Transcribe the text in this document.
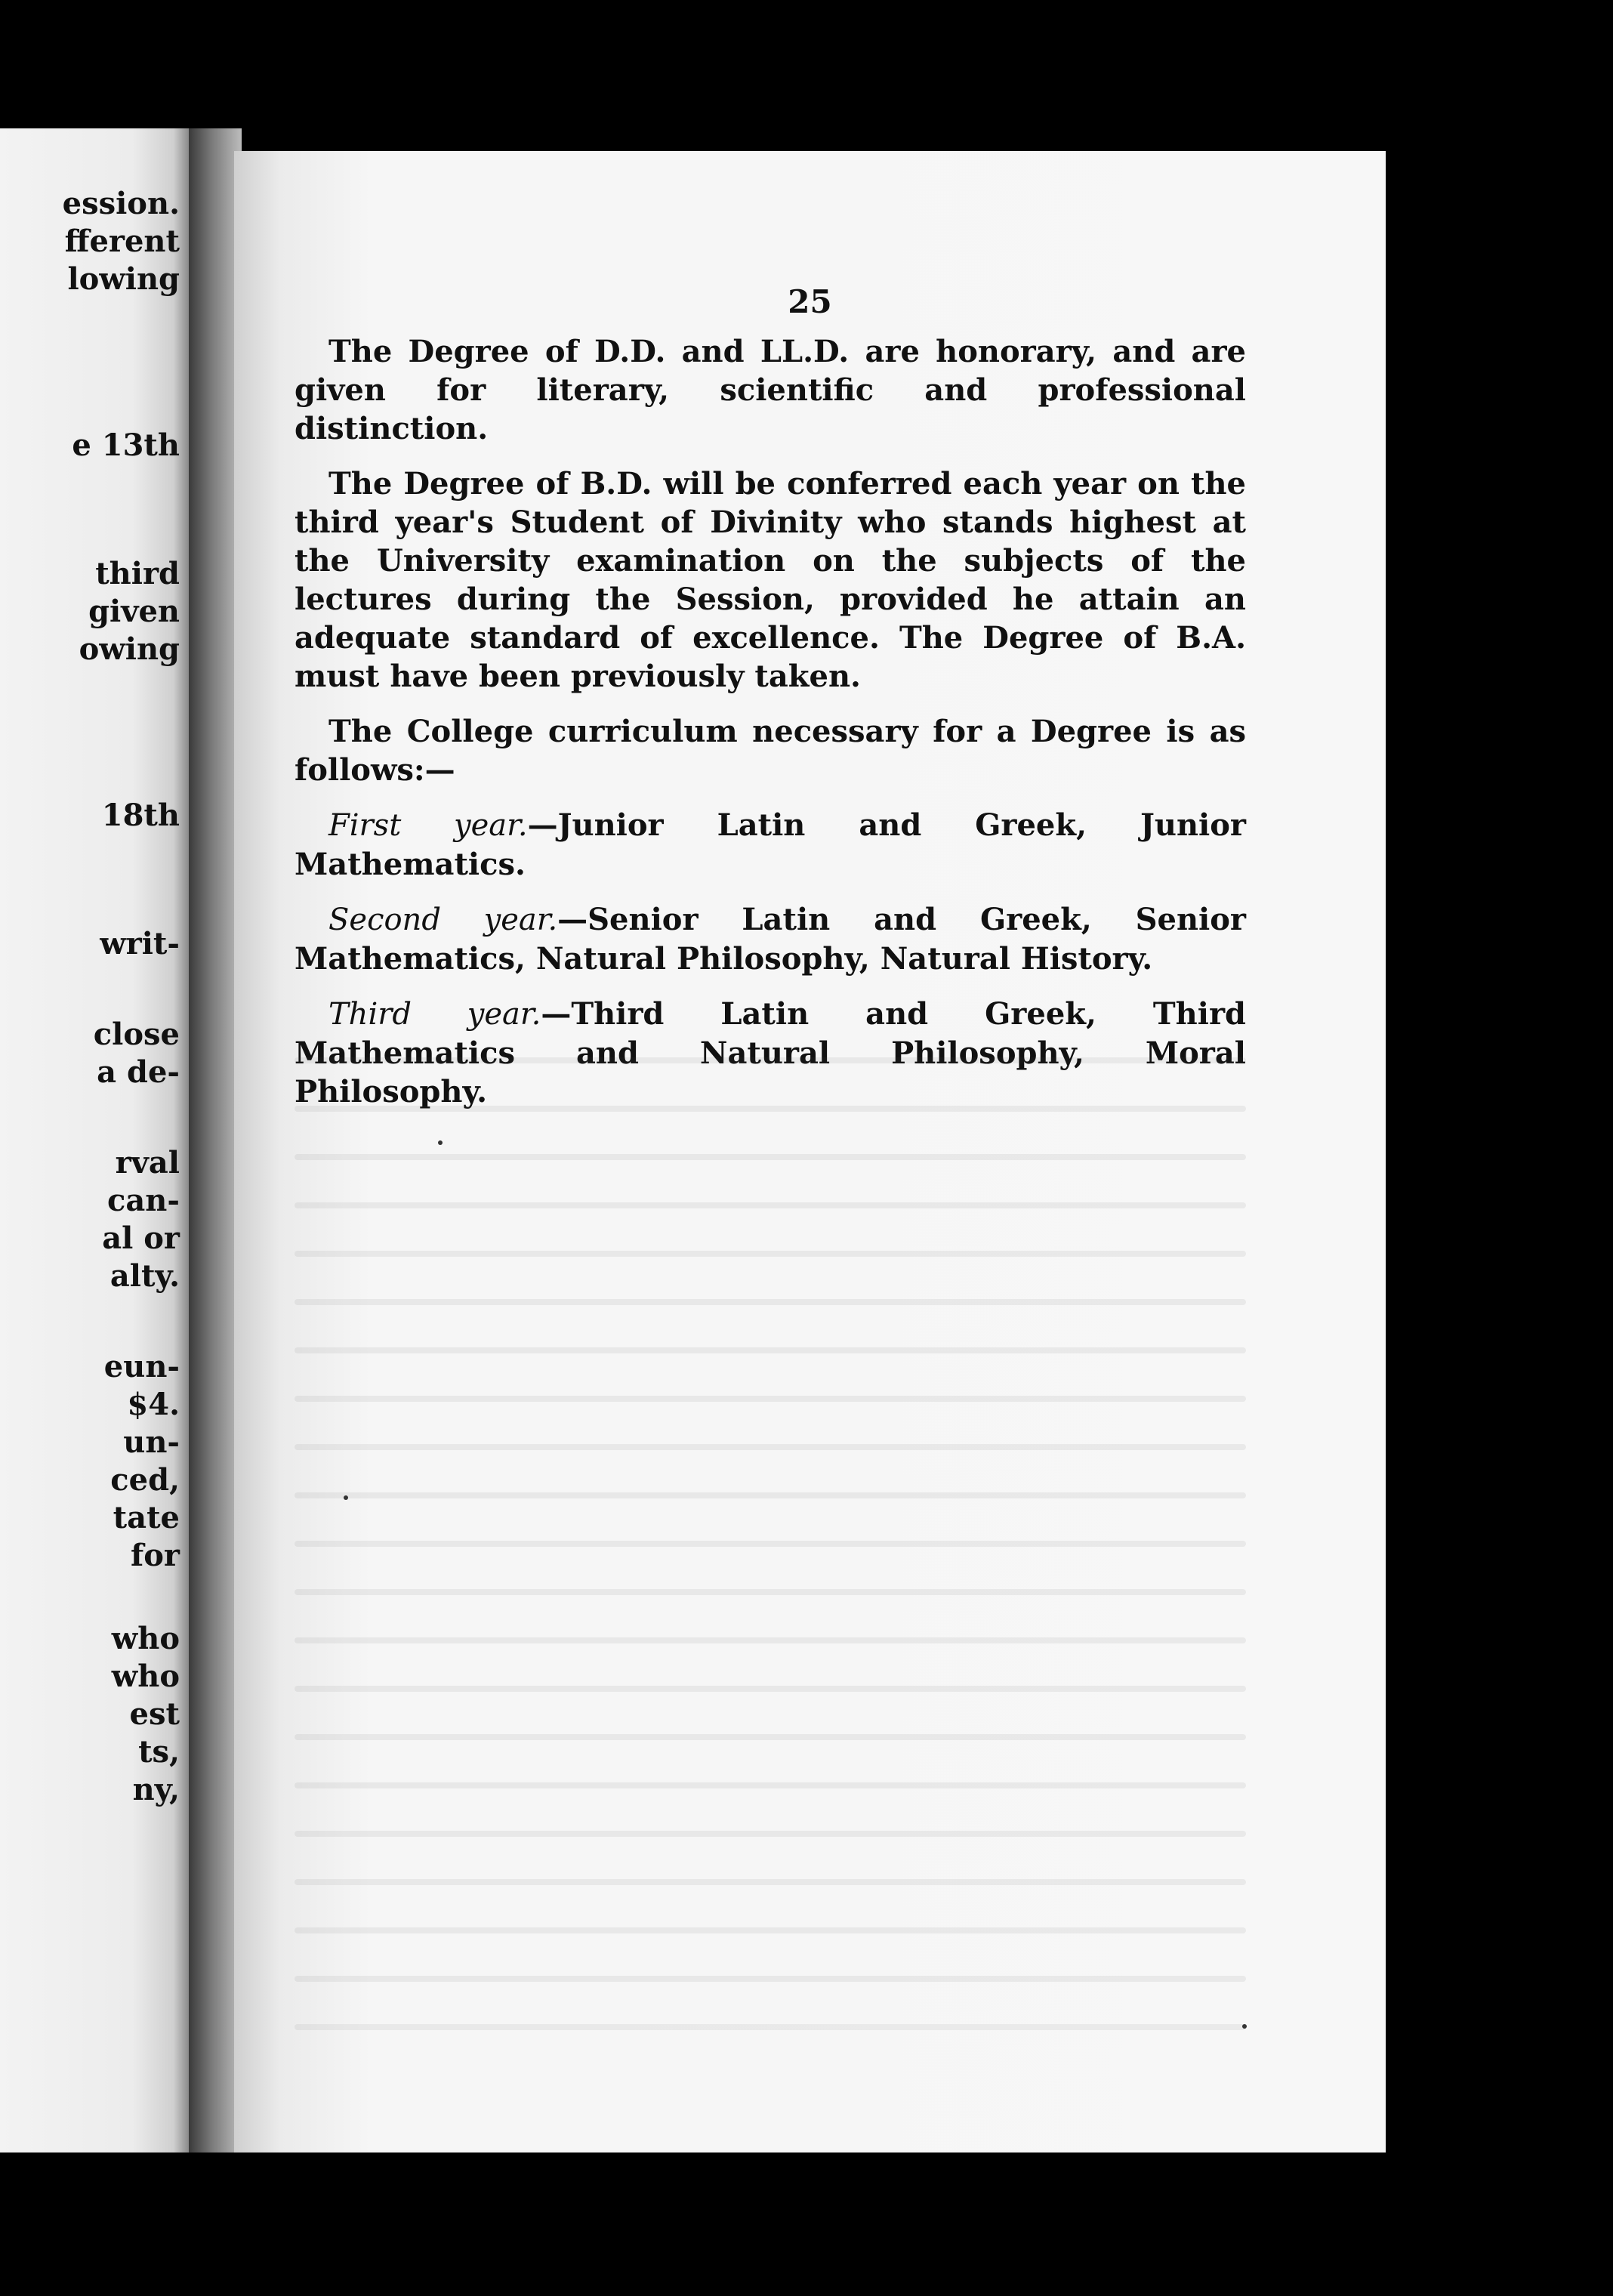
ession.

fferent

lowing

e 13th

third

given

owing

18th

writ-

close

a de-

rval

can-

al or

alty.

eun-

$4.

un-

ced,

tate

for

who

who

est

ts,

ny,

25

The Degree of D.D. and LL.D. are honorary, and are given for literary, scientific and professional distinction.

The Degree of B.D. will be conferred each year on the third year's Student of Divinity who stands highest at the University examination on the subjects of the lectures during the Session, provided he attain an adequate standard of excellence. The Degree of B.A. must have been previously taken.

The College curriculum necessary for a Degree is as follows:—

First year.—Junior Latin and Greek, Junior Mathematics.

Second year.—Senior Latin and Greek, Senior Mathematics, Natural Philosophy, Natural History.

Third year.—Third Latin and Greek, Third Mathematics and Natural Philosophy, Moral Philosophy.
